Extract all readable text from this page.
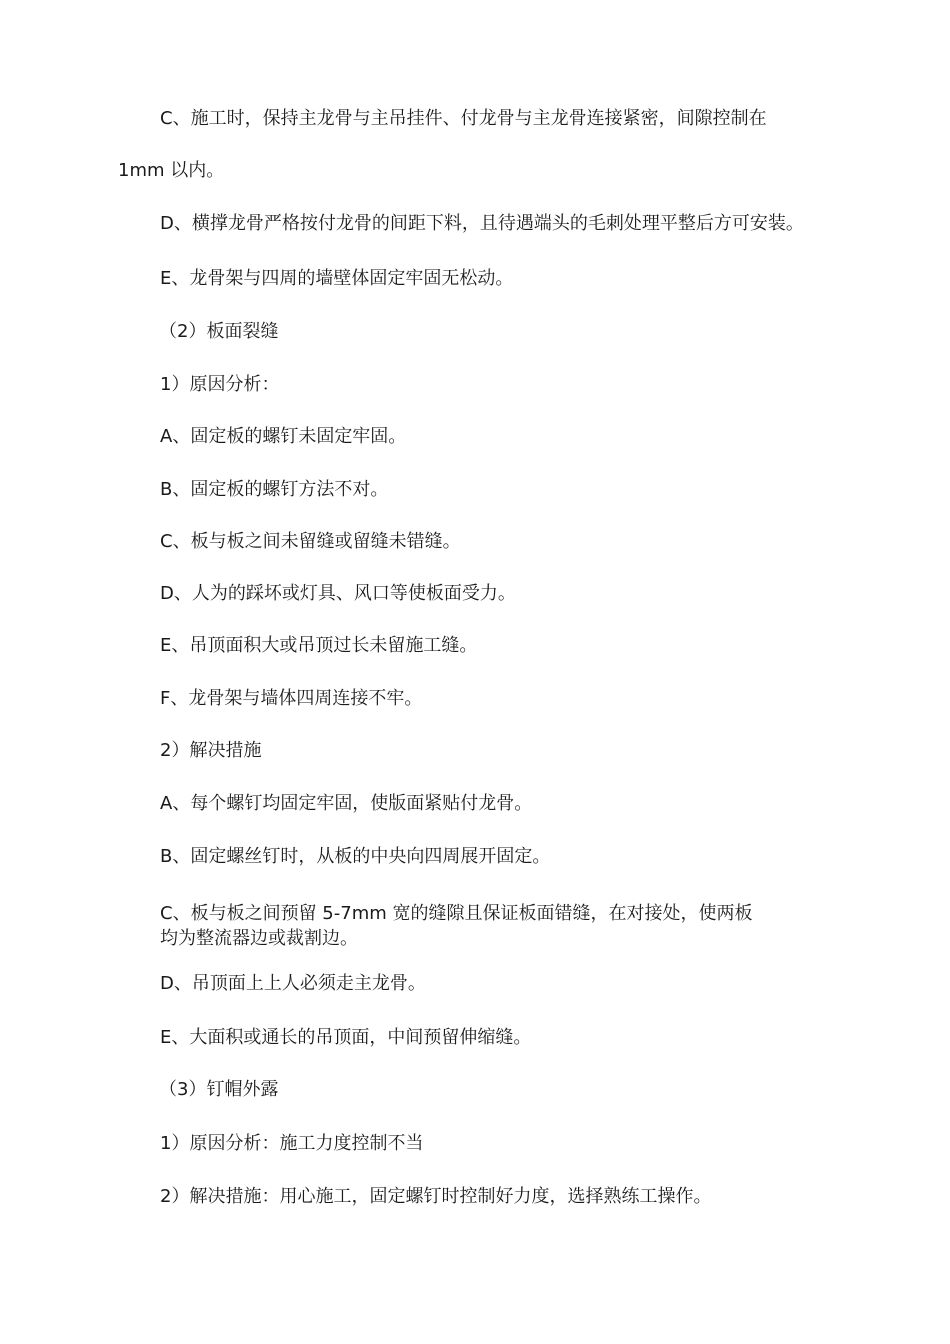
C、施工时，保持主龙骨与主吊挂件、付龙骨与主龙骨连接紧密，间隙控制在
1mm 以内。
D、横撑龙骨严格按付龙骨的间距下料，且待遇端头的毛刺处理平整后方可安装。
E、龙骨架与四周的墙壁体固定牢固无松动。
（2）板面裂缝
1）原因分析：
A、固定板的螺钉未固定牢固。
B、固定板的螺钉方法不对。
C、板与板之间未留缝或留缝未错缝。
D、人为的踩坏或灯具、风口等使板面受力。
E、吊顶面积大或吊顶过长未留施工缝。
F、龙骨架与墙体四周连接不牢。
2）解决措施
A、每个螺钉均固定牢固，使版面紧贴付龙骨。
B、固定螺丝钉时，从板的中央向四周展开固定。
C、板与板之间预留 5-7mm 宽的缝隙且保证板面错缝，在对接处，使两板
均为整流器边或裁割边。
D、吊顶面上上人必须走主龙骨。
E、大面积或通长的吊顶面，中间预留伸缩缝。
（3）钉帽外露
1）原因分析：施工力度控制不当
2）解决措施：用心施工，固定螺钉时控制好力度，选择熟练工操作。
